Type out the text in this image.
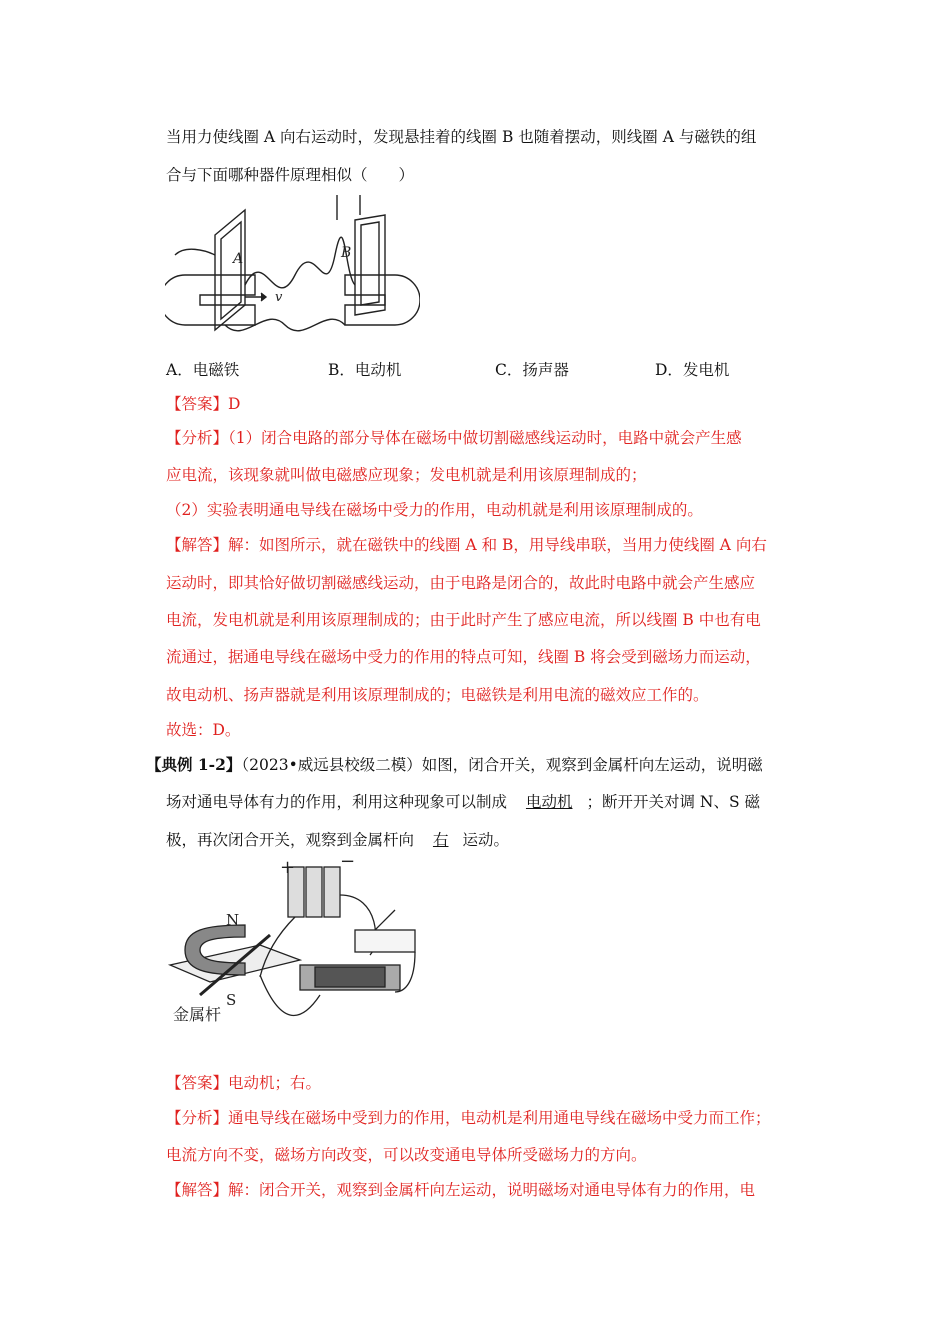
当用力使线圈 A 向右运动时，发现悬挂着的线圈 B 也随着摆动，则线圈 A 与磁铁的组
合与下面哪种器件原理相似（　　）
A	B
v
A．电磁铁	B．电动机	C．扬声器	D．发电机
【答案】D
【分析】（1）闭合电路的部分导体在磁场中做切割磁感线运动时，电路中就会产生感
应电流，该现象就叫做电磁感应现象；发电机就是利用该原理制成的；
（2）实验表明通电导线在磁场中受力的作用，电动机就是利用该原理制成的。
【解答】解：如图所示，就在磁铁中的线圈 A 和 B，用导线串联，当用力使线圈 A 向右
运动时，即其恰好做切割磁感线运动，由于电路是闭合的，故此时电路中就会产生感应
电流，发电机就是利用该原理制成的；由于此时产生了感应电流，所以线圈 B 中也有电
流通过，据通电导线在磁场中受力的作用的特点可知，线圈 B 将会受到磁场力而运动，
故电动机、扬声器就是利用该原理制成的；电磁铁是利用电流的磁效应工作的。
故选：D。
【典例 1-2】（2023•威远县校级二模）如图，闭合开关，观察到金属杆向左运动，说明磁
场对通电导体有力的作用，利用这种现象可以制成 电动机 ；断开开关对调 N、S 磁
极，再次闭合开关，观察到金属杆向 右 运动。
+ −
N
S
金属杆
【答案】电动机；右。
【分析】通电导线在磁场中受到力的作用，电动机是利用通电导线在磁场中受力而工作；
电流方向不变，磁场方向改变，可以改变通电导体所受磁场力的方向。
【解答】解：闭合开关，观察到金属杆向左运动，说明磁场对通电导体有力的作用，电
